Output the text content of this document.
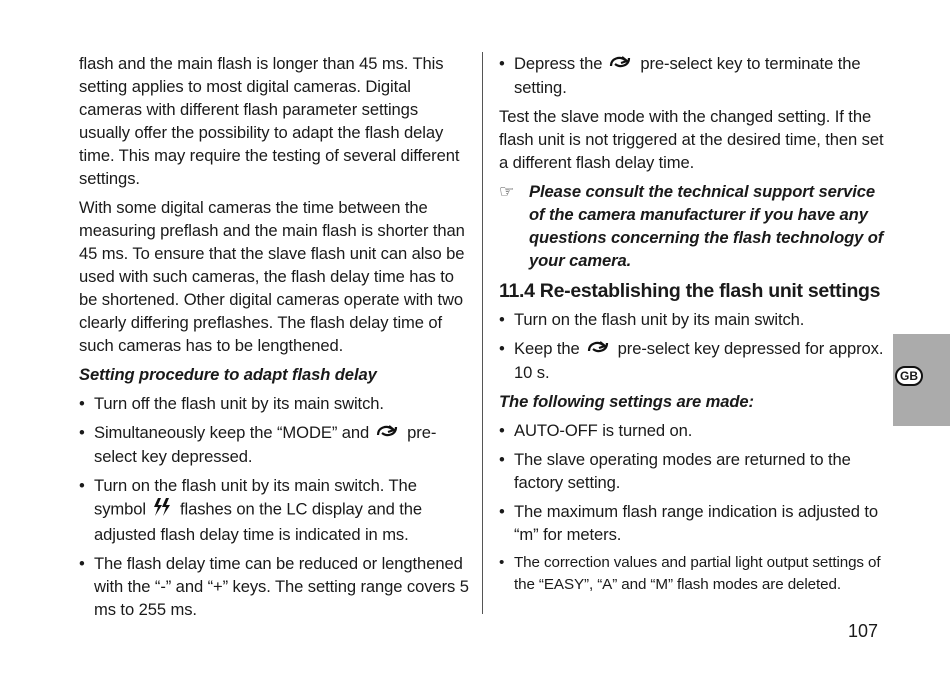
flash and the main flash is longer than 45 ms. This setting applies to most digital cameras. Digital cameras with different flash parameter settings usually offer the possibility to adapt the flash delay time. This may require the testing of several different settings.

With some digital cameras the time between the measuring preflash and the main flash is shorter than 45 ms. To ensure that the slave flash unit can also be used with such cameras, the flash delay time has to be shortened. Other digital cameras operate with two clearly differing preflashes. The flash delay time of such cameras has to be lengthened.

Setting procedure to adapt flash delay

• Turn off the flash unit by its main switch.
• Simultaneously keep the “MODE” and pre-select key depressed.
• Turn on the flash unit by its main switch. The symbol flashes on the LC display and the adjusted flash delay time is indicated in ms.
• The flash delay time can be reduced or lengthened with the “-” and “+” keys. The setting range covers 5 ms to 255 ms.
• Depress the pre-select key to terminate the setting.

Test the slave mode with the changed setting. If the flash unit is not triggered at the desired time, then set a different flash delay time.

☞ Please consult the technical support service of the camera manufacturer if you have any questions concerning the flash technology of your camera.
11.4 Re-establishing the flash unit settings
• Turn on the flash unit by its main switch.
• Keep the pre-select key depressed for approx. 10 s.

The following settings are made:

• AUTO-OFF is turned on.
• The slave operating modes are returned to the factory setting.
• The maximum flash range indication is adjusted to “m” for meters.
• The correction values and partial light output settings of the “EASY”, “A” and “M” flash modes are deleted.
GB
107
